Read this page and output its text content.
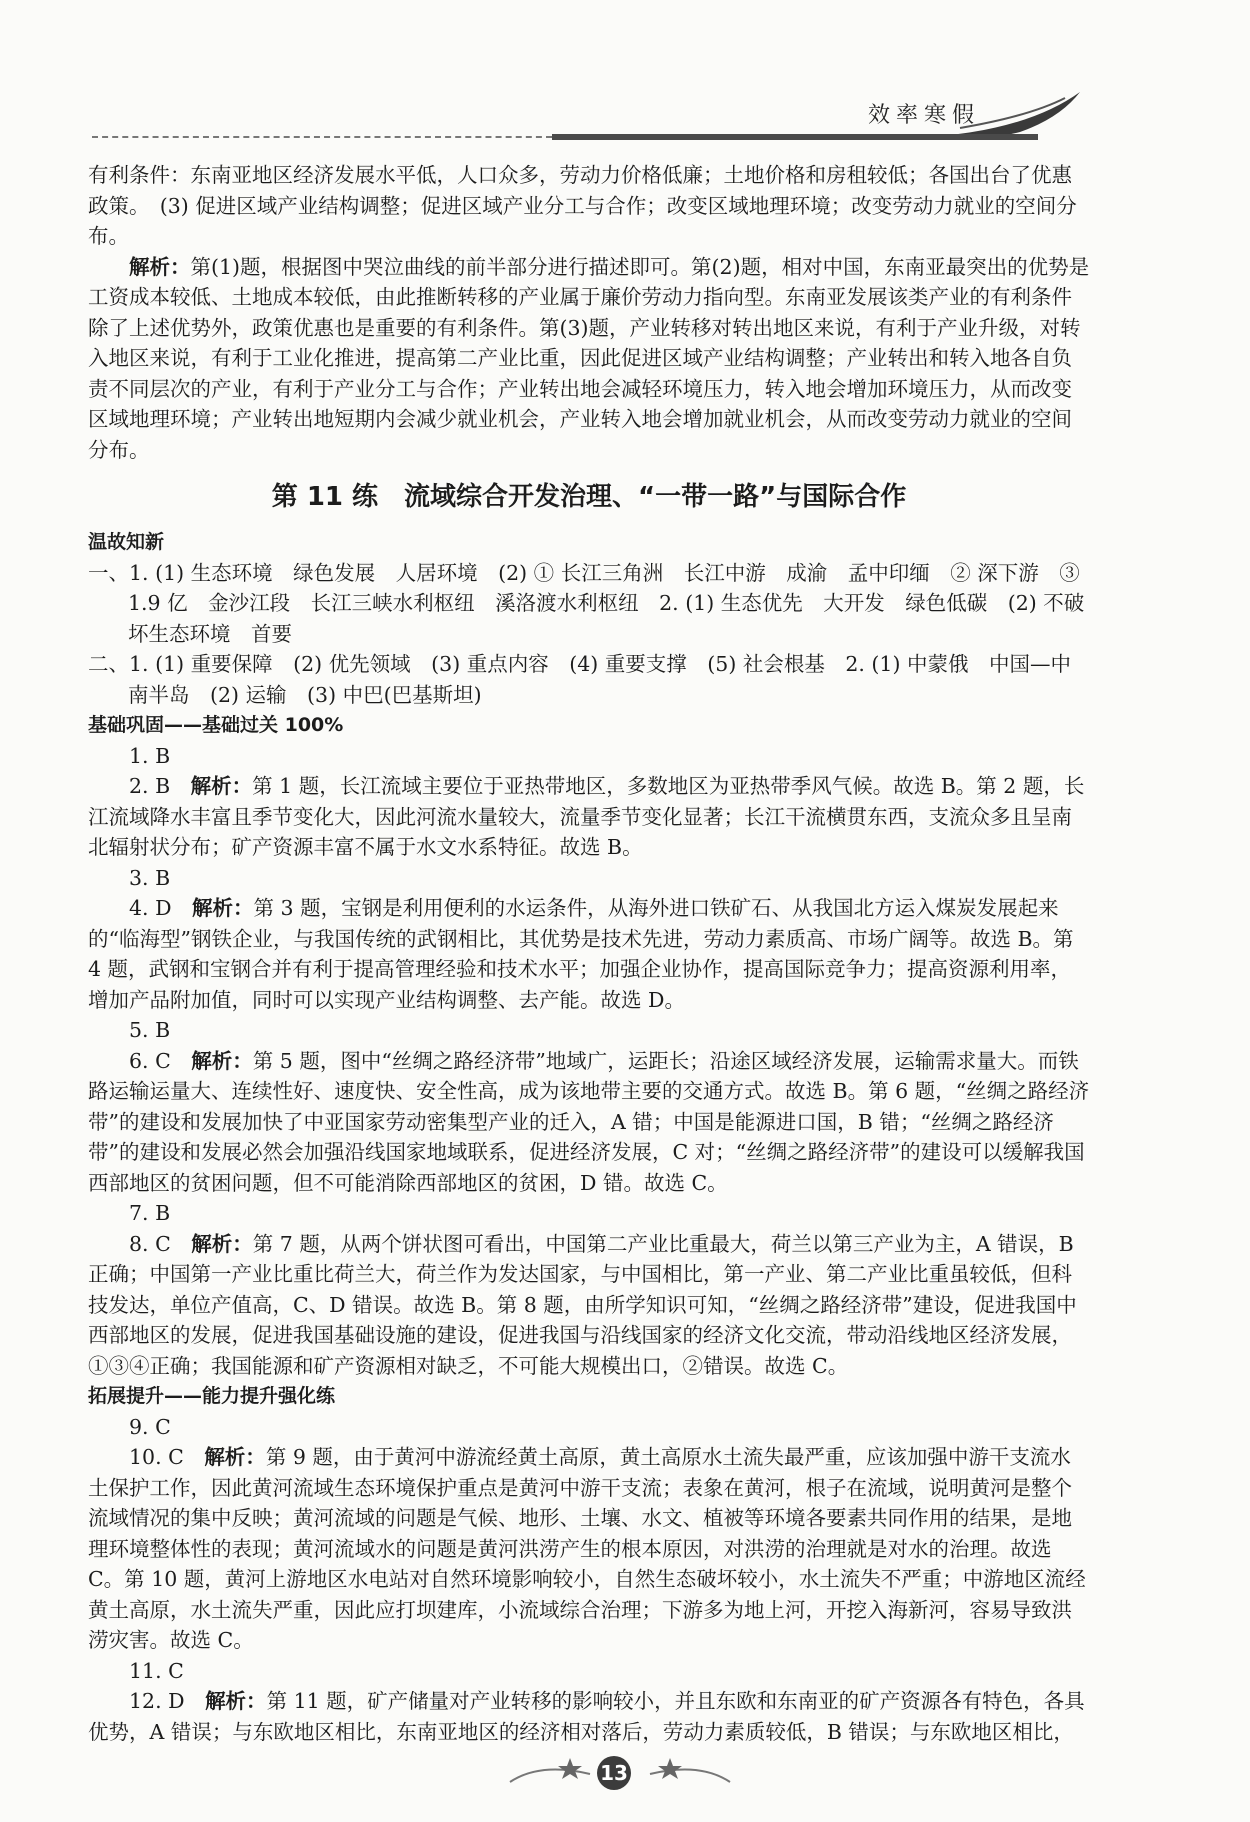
效率寒假

有利条件：东南亚地区经济发展水平低，人口众多，劳动力价格低廉；土地价格和房租较低；各国出台了优惠政策。　(3) 促进区域产业结构调整；促进区域产业分工与合作；改变区域地理环境；改变劳动力就业的空间分布。

解析：第(1)题，根据图中哭泣曲线的前半部分进行描述即可。第(2)题，相对中国，东南亚最突出的优势是工资成本较低、土地成本较低，由此推断转移的产业属于廉价劳动力指向型。东南亚发展该类产业的有利条件除了上述优势外，政策优惠也是重要的有利条件。第(3)题，产业转移对转出地区来说，有利于产业升级，对转入地区来说，有利于工业化推进，提高第二产业比重，因此促进区域产业结构调整；产业转出和转入地各自负责不同层次的产业，有利于产业分工与合作；产业转出地会减轻环境压力，转入地会增加环境压力，从而改变区域地理环境；产业转出地短期内会减少就业机会，产业转入地会增加就业机会，从而改变劳动力就业的空间分布。

第 11 练　流域综合开发治理、“一带一路”与国际合作
温故知新

一、1. (1) 生态环境　绿色发展　人居环境　(2) ① 长江三角洲　长江中游　成渝　孟中印缅　② 深下游　③ 1.9 亿　金沙江段　长江三峡水利枢纽　溪洛渡水利枢纽　2. (1) 生态优先　大开发　绿色低碳　(2) 不破坏生态环境　首要

二、1. (1) 重要保障　(2) 优先领域　(3) 重点内容　(4) 重要支撑　(5) 社会根基　2. (1) 中蒙俄　中国—中南半岛　(2) 运输　(3) 中巴(巴基斯坦)

基础巩固——基础过关 100%

1. B

2. B　 解析：第 1 题，长江流域主要位于亚热带地区，多数地区为亚热带季风气候。故选 B。第 2 题，长江流域降水丰富且季节变化大，因此河流水量较大，流量季节变化显著；长江干流横贯东西，支流众多且呈南北辐射状分布；矿产资源丰富不属于水文水系特征。故选 B。

3. B

4. D　 解析：第 3 题，宝钢是利用便利的水运条件，从海外进口铁矿石、从我国北方运入煤炭发展起来的“临海型”钢铁企业，与我国传统的武钢相比，其优势是技术先进，劳动力素质高、市场广阔等。故选 B。第 4 题，武钢和宝钢合并有利于提高管理经验和技术水平；加强企业协作，提高国际竞争力；提高资源利用率，增加产品附加值，同时可以实现产业结构调整、去产能。故选 D。

5. B

6. C　 解析：第 5 题，图中“丝绸之路经济带”地域广，运距长；沿途区域经济发展，运输需求量大。而铁路运输运量大、连续性好、速度快、安全性高，成为该地带主要的交通方式。故选 B。第 6 题，“丝绸之路经济带”的建设和发展加快了中亚国家劳动密集型产业的迁入，A 错；中国是能源进口国，B 错；“丝绸之路经济带”的建设和发展必然会加强沿线国家地域联系，促进经济发展，C 对；“丝绸之路经济带”的建设可以缓解我国西部地区的贫困问题，但不可能消除西部地区的贫困，D 错。故选 C。

7. B

8. C　 解析：第 7 题，从两个饼状图可看出，中国第二产业比重最大，荷兰以第三产业为主，A 错误，B 正确；中国第一产业比重比荷兰大，荷兰作为发达国家，与中国相比，第一产业、第二产业比重虽较低，但科技发达，单位产值高，C、D 错误。故选 B。第 8 题，由所学知识可知，“丝绸之路经济带”建设，促进我国中西部地区的发展，促进我国基础设施的建设，促进我国与沿线国家的经济文化交流，带动沿线地区经济发展，①③④正确；我国能源和矿产资源相对缺乏，不可能大规模出口，②错误。故选 C。

拓展提升——能力提升强化练

9. C

10. C　 解析：第 9 题，由于黄河中游流经黄土高原，黄土高原水土流失最严重，应该加强中游干支流水土保护工作，因此黄河流域生态环境保护重点是黄河中游干支流；表象在黄河，根子在流域，说明黄河是整个流域情况的集中反映；黄河流域的问题是气候、地形、土壤、水文、植被等环境各要素共同作用的结果，是地理环境整体性的表现；黄河流域水的问题是黄河洪涝产生的根本原因，对洪涝的治理就是对水的治理。故选 C。第 10 题，黄河上游地区水电站对自然环境影响较小，自然生态破坏较小，水土流失不严重；中游地区流经黄土高原，水土流失严重，因此应打坝建库，小流域综合治理；下游多为地上河，开挖入海新河，容易导致洪涝灾害。故选 C。

11. C

12. D　 解析：第 11 题，矿产储量对产业转移的影响较小，并且东欧和东南亚的矿产资源各有特色，各具优势，A 错误；与东欧地区相比，东南亚地区的经济相对落后，劳动力素质较低，B 错误；与东欧地区相比，

13
